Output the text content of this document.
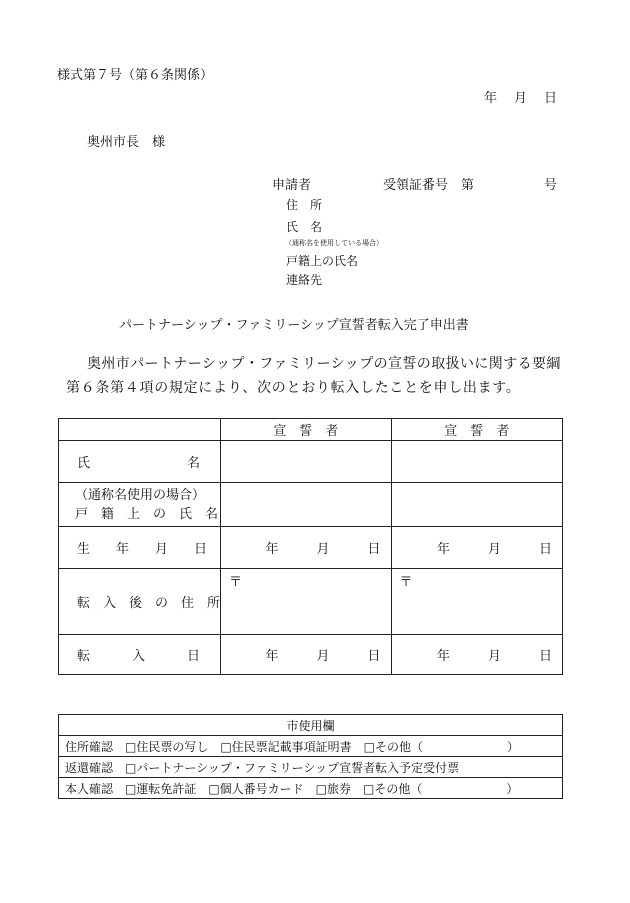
様式第７号（第６条関係）
年 月 日
奥州市長　様
申請者	受領証番号　第	号
住　所
氏　名
（通称名を使用している場合）
戸籍上の氏名
連絡先
パートナーシップ・ファミリーシップ宣誓者転入完了申出書
奥州市パートナーシップ・ファミリーシップの宣誓の取扱いに関する要綱
第６条第４項の規定により、次のとおり転入したことを申し出ます。
	宣　誓　者	宣　誓　者

氏 名		

（通称名使用の場合）
戸　籍　上　の　氏　名		

生　　年　　月　　日	年 月 日	年 月 日

転　入　後　の　住　所	〒	〒

転 入 日	年 月 日	年 月 日
市使用欄
住所確認　□住民票の写し　□住民票記載事項証明書　□その他（　　　　　　　）
返還確認　□パートナーシップ・ファミリーシップ宣誓者転入予定受付票
本人確認　□運転免許証　□個人番号カード　□旅券　□その他（　　　　　　　）
